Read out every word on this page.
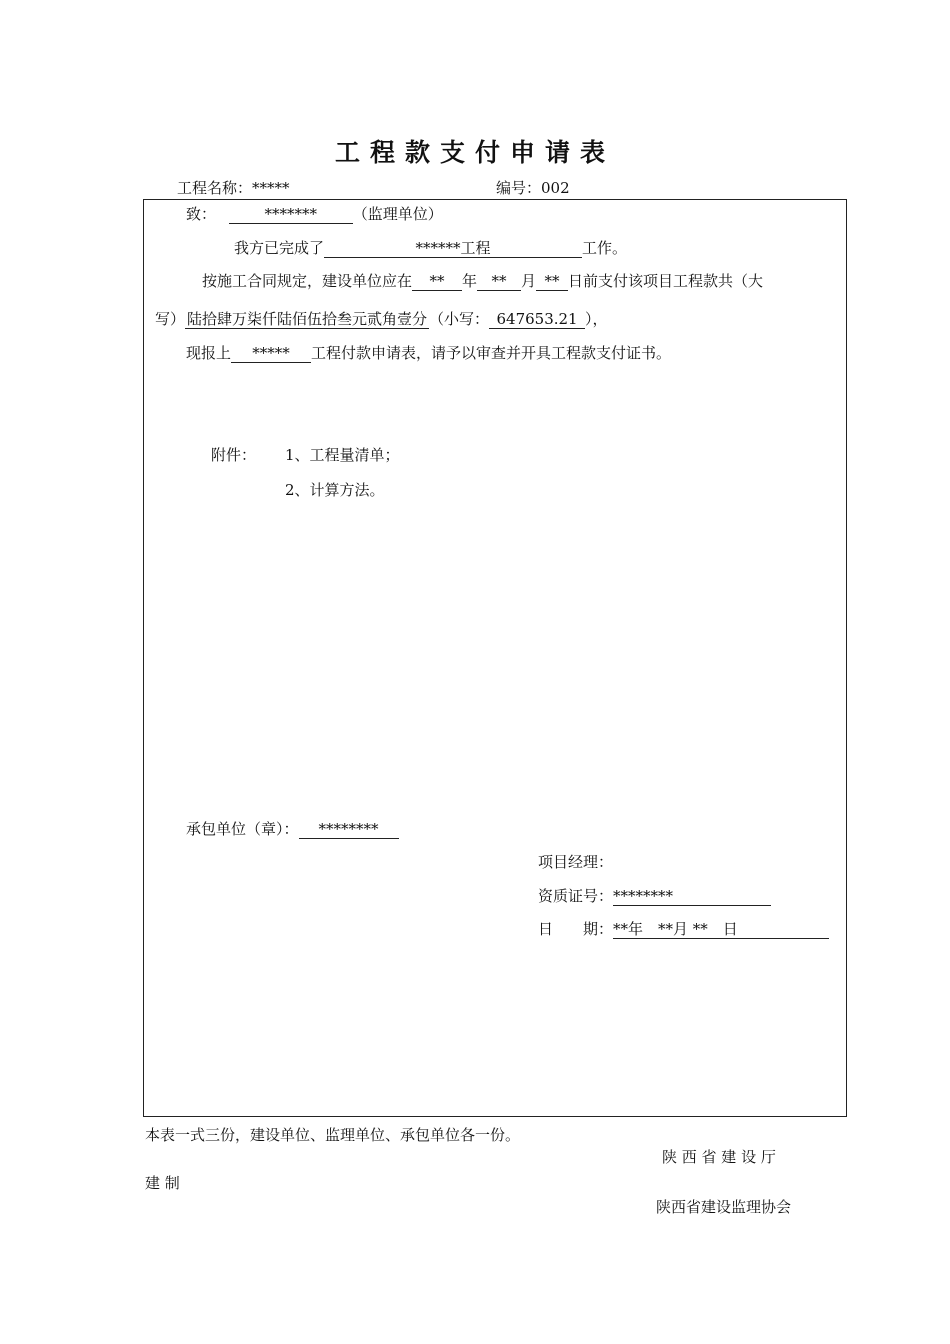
工程款支付申请表
工程名称：*****	编号：002
致：	******* （监理单位）
我方已完成了	******工程	工作。
按施工合同规定，建设单位应在 ** 年 ** 月 ** 日前支付该项目工程款共（大
写） 陆拾肆万柒仟陆佰伍拾叁元贰角壹分 （小写： 647653.21 ），
现报上 ***** 工程付款申请表，请予以审查并开具工程款支付证书。
附件： 1、工程量清单；
2、计算方法。
承包单位（章）： ********
项目经理：
资质证号：********
日　　期：**年　**月 **　日
本表一式三份，建设单位、监理单位、承包单位各一份。
陕 西 省 建 设 厅
建 制
陕西省建设监理协会
